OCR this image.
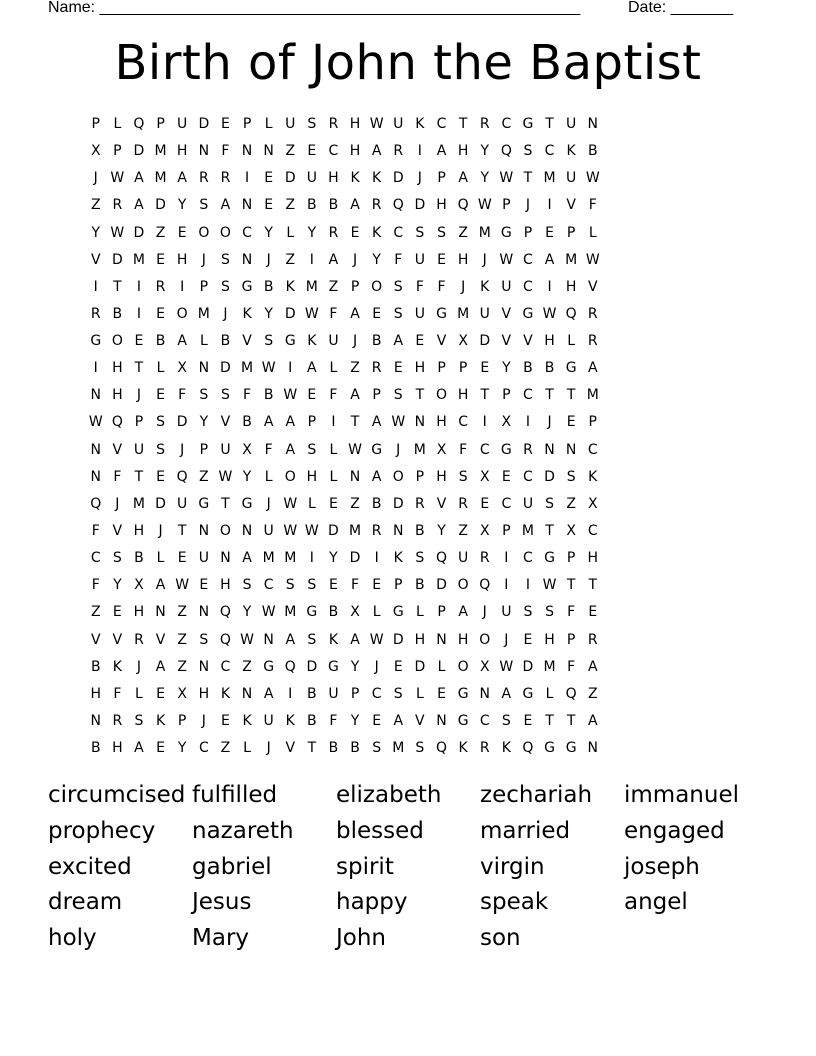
Name: ______________________________________________________	Date: _______
Birth of John the Baptist
P L Q P U D E P L U S R H W U K C T R C G T U N
X P D M H N F N N Z E C H A R	I	A H Y Q S C K B
J W A M A R R	I	E D U H K K D J	P A Y W T M U W
Z R A D Y S A N E Z B B A R Q D H Q W P	J	I	V F
Y W D Z E O O C Y L Y R E K C S S Z M G P E P L
V D M E H J	S N J	Z	I	A	J	Y F U E H J W C A M W
I	T	I	R	I	P S G B K M Z P O S F F	J	K U C	I H V
R B	I	E O M J	K Y D W F A E S U G M U V G W Q R
G O E B A L B V S G K U J	B A E V X D V V H L R
I H T L X N D M W I	A L Z R E H P P E Y B B G A
N H J	E F S S F B W E F A P S T O H T P C T T M
W Q P S D Y V B A A P	I	T A W N H C	I	X	I	J	E P
N V U S	J	P U X F A S L W G J M X F C G R N N C
N F T E Q Z W Y L O H L N A O P H S X E C D S K
Q J M D U G T G J W L E Z B D R V R E C U S Z X
F V H J	T N O N U W W D M R N B Y Z X P M T X C
C S B L E U N A M M I	Y D I	K S Q U R	I	C G P H
F Y X A W E H S C S S E F E P B D O Q I	I W T T
Z E H N Z N Q Y W M G B X L G L P A	J U S S F E
V V R V Z S Q W N A S K A W D H N H O J	E H P R
B K	J	A Z N C Z G Q D G Y	J	E D L O X W D M F A
H F L E X H K N A	I	B U P C S L E G N A G L Q Z
N R S K P	J	E K U K B F Y E A V N G C S E T T A
B H A E Y C Z L	J	V T B B S M S Q K R K Q G G N
circumcised fulfilled	elizabeth zechariah immanuel
prophecy nazareth blessed married engaged
excited	gabriel	spirit	virgin	joseph
dream	Jesus	happy	speak	angel
holy	Mary	John	son
